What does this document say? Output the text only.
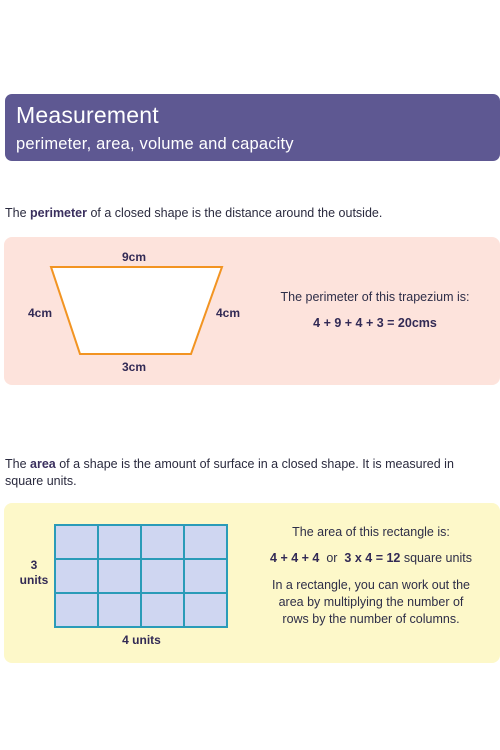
Measurement
perimeter, area, volume and capacity
The perimeter of a closed shape is the distance around the outside.
9cm
4cm	4cm
3cm
The perimeter of this trapezium is:
4 + 9 + 4 + 3 = 20cms
The area of a shape is the amount of surface in a closed shape. It is measured in square units.
3
units
4 units
The area of this rectangle is:
4 + 4 + 4 or 3 x 4 = 12 square units
In a rectangle, you can work out the
area by multiplying the number of
rows by the number of columns.
